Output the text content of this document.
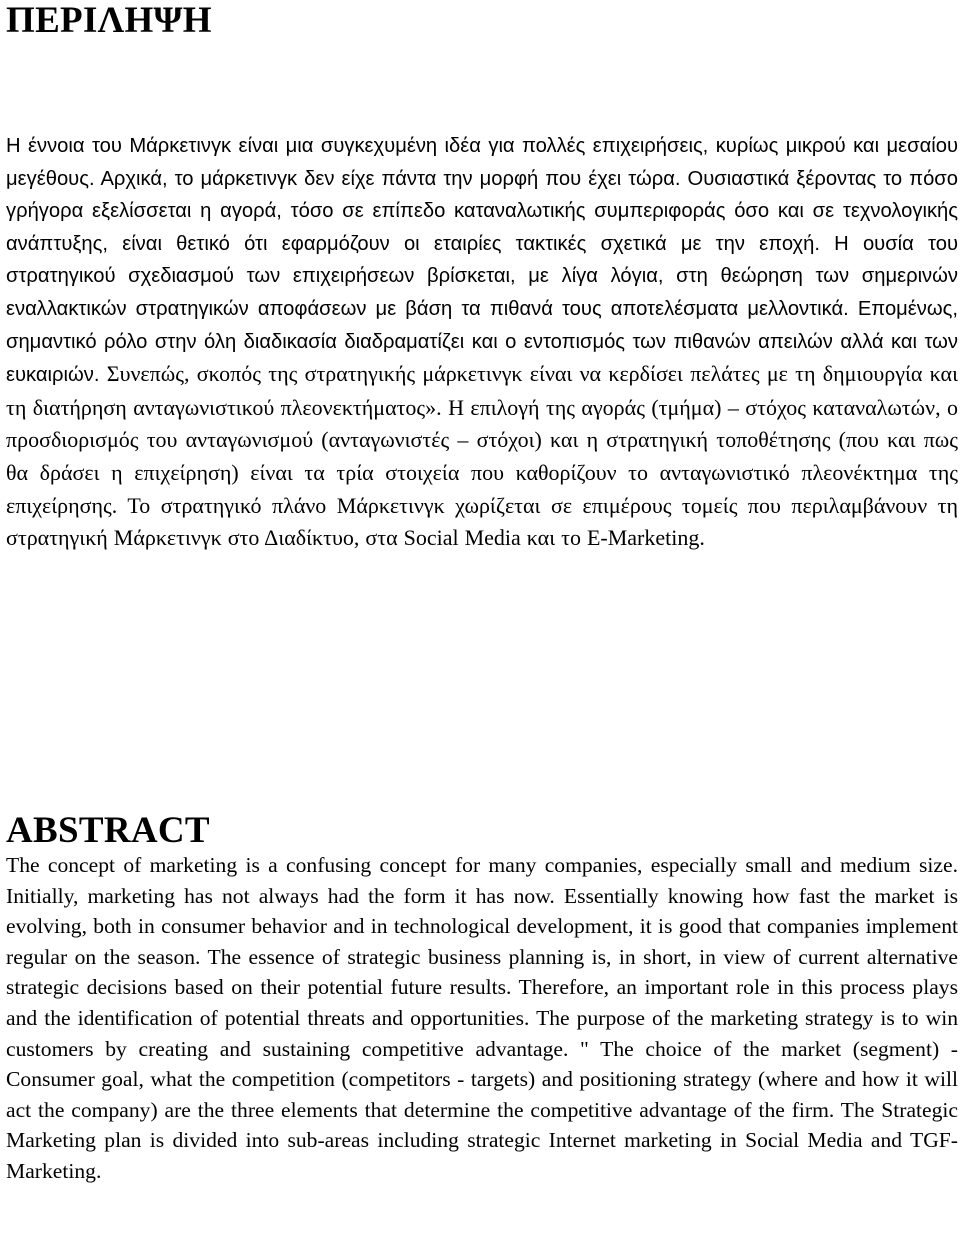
ΠΕΡΙΛΗΨΗ

Η έννοια του Μάρκετινγκ είναι μια συγκεχυμένη ιδέα για πολλές επιχειρήσεις, κυρίως μικρού και μεσαίου μεγέθους. Αρχικά, το μάρκετινγκ δεν είχε πάντα την μορφή που έχει τώρα. Ουσιαστικά ξέροντας το πόσο γρήγορα εξελίσσεται η αγορά, τόσο σε επίπεδο καταναλωτικής συμπεριφοράς όσο και σε τεχνολογικής ανάπτυξης, είναι θετικό ότι εφαρμόζουν οι εταιρίες τακτικές σχετικά με την εποχή. Η ουσία του στρατηγικού σχεδιασμού των επιχειρήσεων βρίσκεται, με λίγα λόγια, στη θεώρηση των σημερινών εναλλακτικών στρατηγικών αποφάσεων με βάση τα πιθανά τους αποτελέσματα μελλοντικά. Επομένως, σημαντικό ρόλο στην όλη διαδικασία διαδραματίζει και ο εντοπισμός των πιθανών απειλών αλλά και των ευκαιριών. Συνεπώς, σκοπός της στρατηγικής μάρκετινγκ είναι να κερδίσει πελάτες με τη δημιουργία και τη διατήρηση ανταγωνιστικού πλεονεκτήματος». Η επιλογή της αγοράς (τμήμα) – στόχος καταναλωτών, ο προσδιορισμός του ανταγωνισμού (ανταγωνιστές – στόχοι) και η στρατηγική τοποθέτησης (που και πως θα δράσει η επιχείρηση) είναι τα τρία στοιχεία που καθορίζουν το ανταγωνιστικό πλεονέκτημα της επιχείρησης. Το στρατηγικό πλάνο Μάρκετινγκ χωρίζεται σε επιμέρους τομείς που περιλαμβάνουν τη στρατηγική Μάρκετινγκ στο Διαδίκτυο, στα Social Media και το E-Marketing.

ABSTRACT

The concept of marketing is a confusing concept for many companies, especially small and medium size. Initially, marketing has not always had the form it has now. Essentially knowing how fast the market is evolving, both in consumer behavior and in technological development, it is good that companies implement regular on the season. The essence of strategic business planning is, in short, in view of current alternative strategic decisions based on their potential future results. Therefore, an important role in this process plays and the identification of potential threats and opportunities. The purpose of the marketing strategy is to win customers by creating and sustaining competitive advantage. " The choice of the market (segment) - Consumer goal, what the competition (competitors - targets) and positioning strategy (where and how it will act the company) are the three elements that determine the competitive advantage of the firm. The Strategic Marketing plan is divided into sub-areas including strategic Internet marketing in Social Media and TGF-Marketing.
